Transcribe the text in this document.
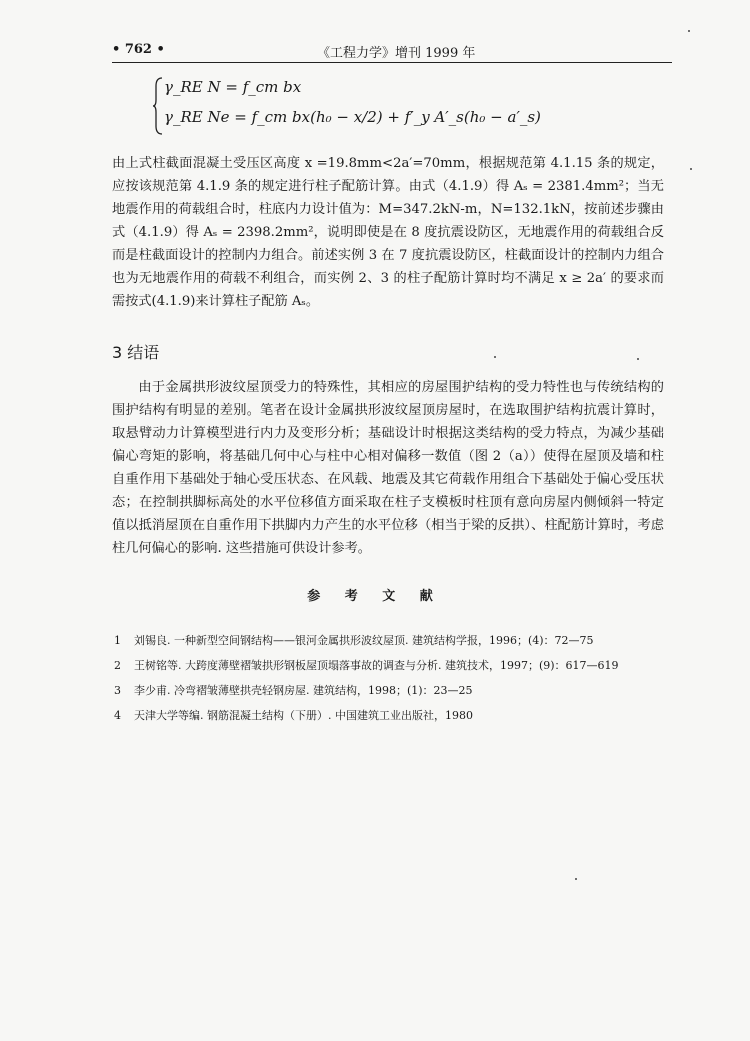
• 762 •	《工程力学》增刊 1999 年
γ_RE N = f_cm bx
γ_RE Ne = f_cm bx(h₀ − x/2) + f′_y A′_s(h₀ − a′_s)
由上式柱截面混凝土受压区高度 x =19.8mm<2a′=70mm，根据规范第 4.1.15 条的规定，应按该规范第 4.1.9 条的规定进行柱子配筋计算。由式（4.1.9）得 Aₛ = 2381.4mm²；当无地震作用的荷载组合时，柱底内力设计值为：M=347.2kN-m，N=132.1kN，按前述步骤由式（4.1.9）得 Aₛ = 2398.2mm²，说明即使是在 8 度抗震设防区，无地震作用的荷载组合反而是柱截面设计的控制内力组合。前述实例 3 在 7 度抗震设防区，柱截面设计的控制内力组合也为无地震作用的荷载不利组合，而实例 2、3 的柱子配筋计算时均不满足 x ≥ 2a′ 的要求而需按式(4.1.9)来计算柱子配筋 Aₛ。
3 结语
由于金属拱形波纹屋顶受力的特殊性，其相应的房屋围护结构的受力特性也与传统结构的围护结构有明显的差别。笔者在设计金属拱形波纹屋顶房屋时，在选取围护结构抗震计算时，取悬臂动力计算模型进行内力及变形分析；基础设计时根据这类结构的受力特点，为减少基础偏心弯矩的影响，将基础几何中心与柱中心相对偏移一数值（图 2（a））使得在屋顶及墙和柱自重作用下基础处于轴心受压状态、在风载、地震及其它荷载作用组合下基础处于偏心受压状态；在控制拱脚标高处的水平位移值方面采取在柱子支模板时柱顶有意向房屋内侧倾斜一特定值以抵消屋顶在自重作用下拱脚内力产生的水平位移（相当于梁的反拱）、柱配筋计算时，考虑柱几何偏心的影响. 这些措施可供设计参考。
参 考 文 献
1 刘锡良. 一种新型空间钢结构——银河金属拱形波纹屋顶. 建筑结构学报，1996；(4)：72—75
2 王树铭等. 大跨度薄壁褶皱拱形钢板屋顶塌落事故的调查与分析. 建筑技术，1997；(9)：617—619
3 李少甫. 冷弯褶皱薄壁拱壳轻钢房屋. 建筑结构，1998；(1)：23—25
4 天津大学等编. 钢筋混凝土结构（下册）. 中国建筑工业出版社，1980
